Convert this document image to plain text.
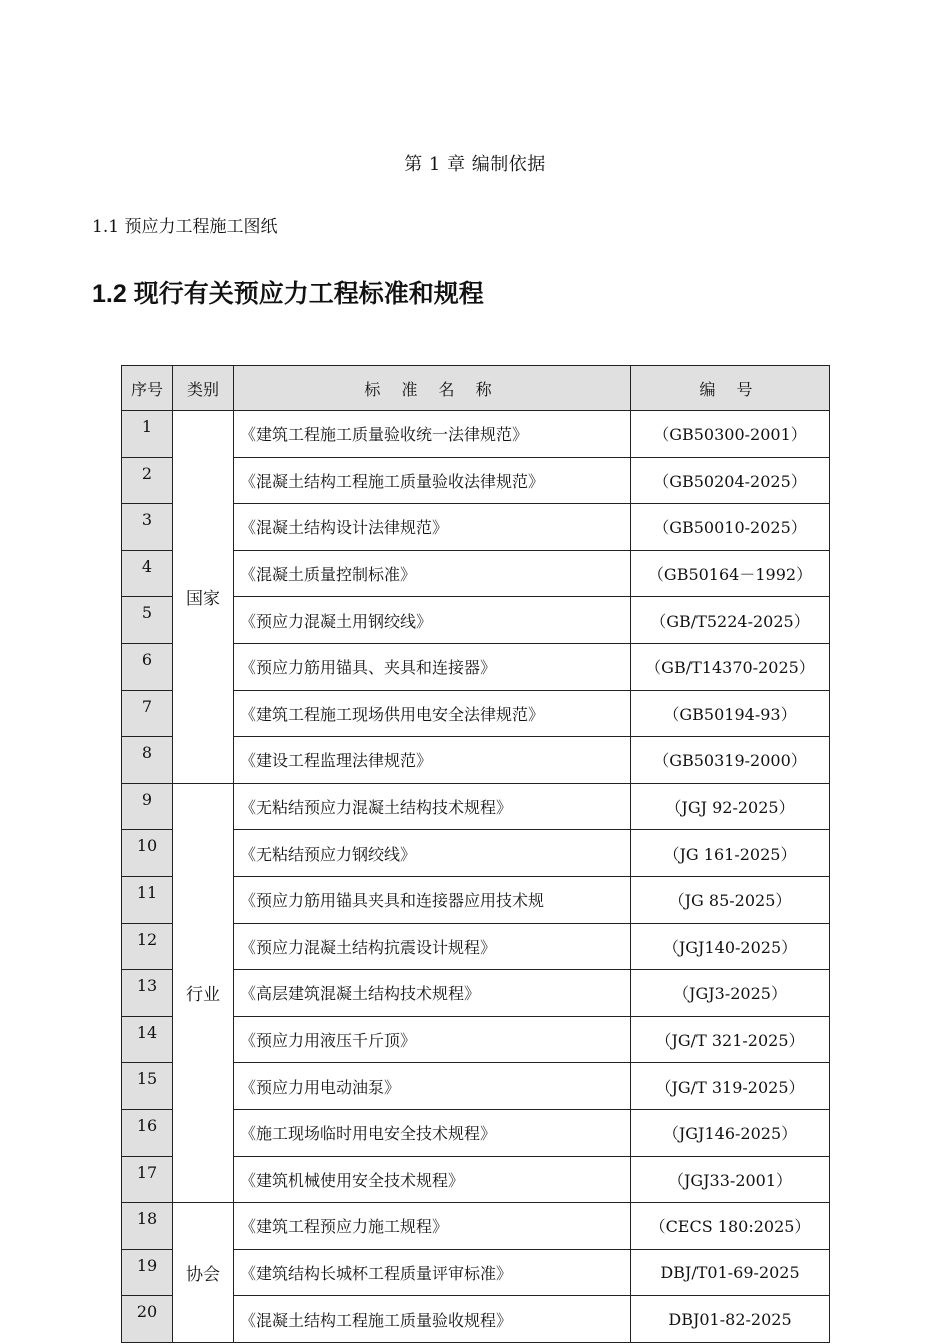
第 1 章 编制依据
1.1 预应力工程施工图纸
1.2 现行有关预应力工程标准和规程
序号	类别	标 准 名 称	编 号
1	国家	《建筑工程施工质量验收统一法律规范》	（GB50300-2001）
2		《混凝土结构工程施工质量验收法律规范》	（GB50204-2025）
3		《混凝土结构设计法律规范》	（GB50010-2025）
4		《混凝土质量控制标准》	（GB50164－1992）
5		《预应力混凝土用钢绞线》	（GB/T5224-2025）
6		《预应力筋用锚具、夹具和连接器》	（GB/T14370-2025）
7		《建筑工程施工现场供用电安全法律规范》	（GB50194-93）
8		《建设工程监理法律规范》	（GB50319-2000）
9	行业	《无粘结预应力混凝土结构技术规程》	（JGJ 92-2025）
10		《无粘结预应力钢绞线》	（JG 161-2025）
11		《预应力筋用锚具夹具和连接器应用技术规	（JG 85-2025）
12		《预应力混凝土结构抗震设计规程》	（JGJ140-2025）
13		《高层建筑混凝土结构技术规程》	（JGJ3-2025）
14		《预应力用液压千斤顶》	（JG/T 321-2025）
15		《预应力用电动油泵》	（JG/T 319-2025）
16		《施工现场临时用电安全技术规程》	（JGJ146-2025）
17		《建筑机械使用安全技术规程》	（JGJ33-2001）
18	协会	《建筑工程预应力施工规程》	（CECS 180:2025）
19		《建筑结构长城杯工程质量评审标准》	DBJ/T01-69-2025
20		《混凝土结构工程施工质量验收规程》	DBJ01-82-2025
